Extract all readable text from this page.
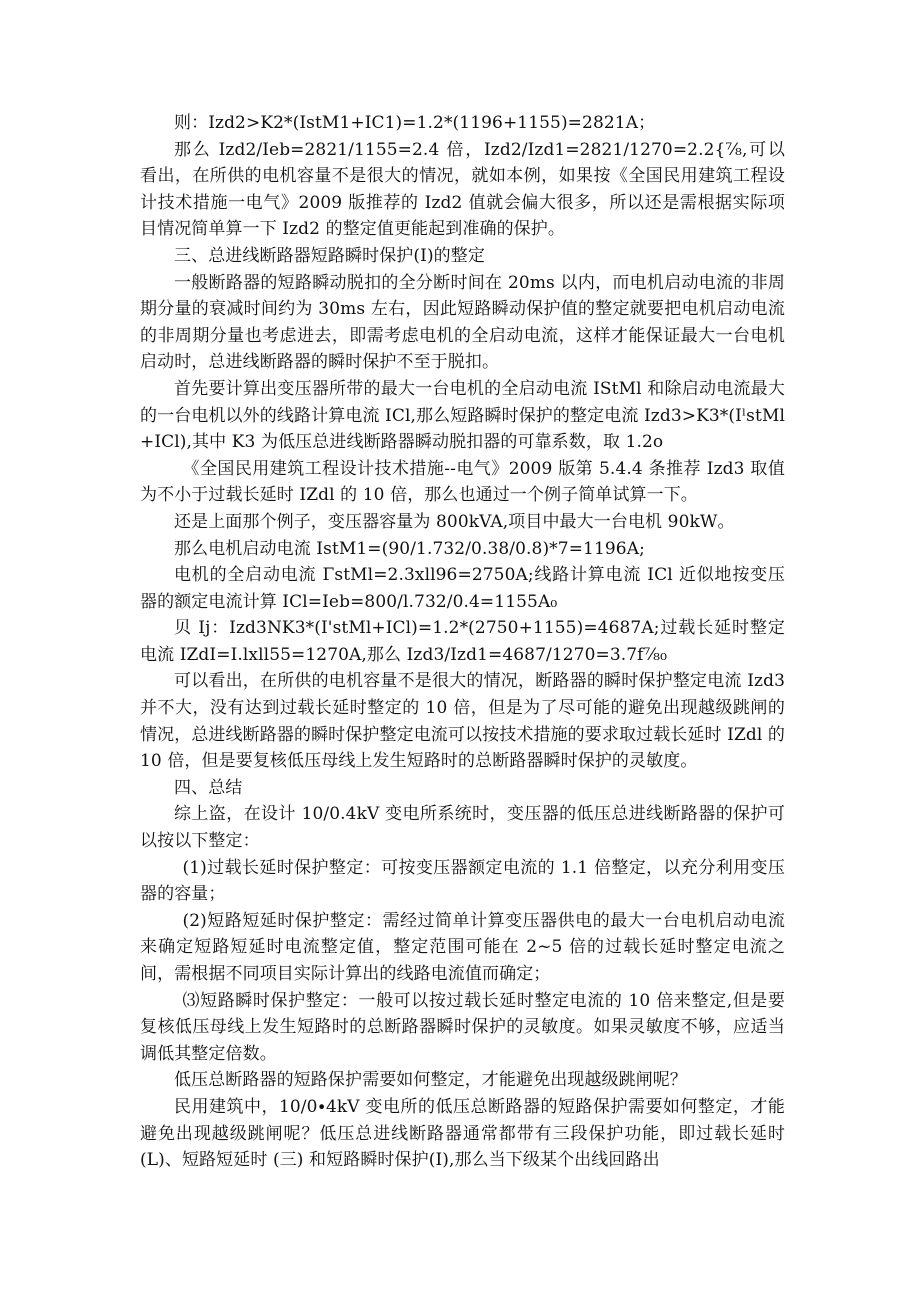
则：Izd2>K2*(IstM1+IC1)=1.2*(1196+1155)=2821A；

那么 Izd2∕Ieb=2821/1155=2.4 倍，Izd2∕Izd1=2821/1270=2.2{⅞,可以看出，在所供的电机容量不是很大的情况，就如本例，如果按《全国民用建筑工程设计技术措施一电气》2009 版推荐的 Izd2 值就会偏大很多，所以还是需根据实际项目情况简单算一下 Izd2 的整定值更能起到准确的保护。

三、总进线断路器短路瞬时保护(I)的整定

一般断路器的短路瞬动脱扣的全分断时间在 20ms 以内，而电机启动电流的非周期分量的衰减时间约为 30ms 左右，因此短路瞬动保护值的整定就要把电机启动电流的非周期分量也考虑进去，即需考虑电机的全启动电流，这样才能保证最大一台电机启动时，总进线断路器的瞬时保护不至于脱扣。

首先要计算出变压器所带的最大一台电机的全启动电流 IStMl 和除启动电流最大的一台电机以外的线路计算电流 ICl,那么短路瞬时保护的整定电流 Izd3>K3*(IˡstMl+ICl),其中 K3 为低压总进线断路器瞬动脱扣器的可靠系数，取 1.2o

《全国民用建筑工程设计技术措施--电气》2009 版第 5.4.4 条推荐 Izd3 取值为不小于过载长延时 IZdl 的 10 倍，那么也通过一个例子简单试算一下。

还是上面那个例子，变压器容量为 800kVA,项目中最大一台电机 90kW。

那么电机启动电流 IstM1=(90/1.732/0.38/0.8)*7=1196A;

电机的全启动电流 ΓstMl=2.3xll96=2750A;线路计算电流 ICl 近似地按变压器的额定电流计算 ICl=Ieb=800∕l.732/0.4=1155A₀

贝 Ij：Izd3NK3*(I'stMl+ICl)=1.2*(2750+1155)=4687A;过载长延时整定电流 IZdI=I.lxll55=1270A,那么 Izd3∕Izd1=4687/1270=3.7f⅞₀

可以看出，在所供的电机容量不是很大的情况，断路器的瞬时保护整定电流 Izd3 并不大，没有达到过载长延时整定的 10 倍，但是为了尽可能的避免出现越级跳闸的情况，总进线断路器的瞬时保护整定电流可以按技术措施的要求取过载长延时 IZdl 的 10 倍，但是要复核低压母线上发生短路时的总断路器瞬时保护的灵敏度。

四、总结

综上盗，在设计 10∕0.4kV 变电所系统时，变压器的低压总进线断路器的保护可以按以下整定：

(1)过载长延时保护整定：可按变压器额定电流的 1.1 倍整定，以充分利用变压器的容量；

(2)短路短延时保护整定：需经过简单计算变压器供电的最大一台电机启动电流来确定短路短延时电流整定值，整定范围可能在 2~5 倍的过载长延时整定电流之间，需根据不同项目实际计算出的线路电流值而确定；

⑶短路瞬时保护整定：一般可以按过载长延时整定电流的 10 倍来整定,但是要复核低压母线上发生短路时的总断路器瞬时保护的灵敏度。如果灵敏度不够，应适当调低其整定倍数。

低压总断路器的短路保护需要如何整定，才能避免出现越级跳闸呢？

民用建筑中，10∕0∙4kV 变电所的低压总断路器的短路保护需要如何整定，才能避免出现越级跳闸呢？低压总进线断路器通常都带有三段保护功能，即过载长延时 (L)、短路短延时 (三) 和短路瞬时保护(I),那么当下级某个出线回路出
